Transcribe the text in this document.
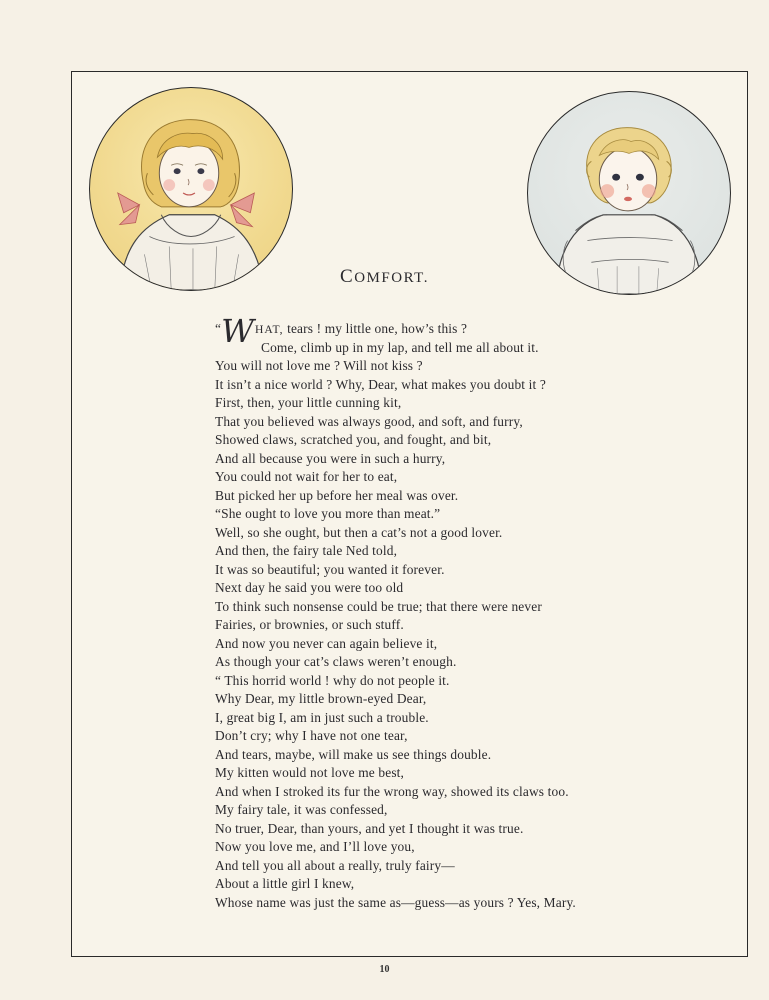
COMFORT.
“WHAT, tears ! my little one, how’s this ?
Come, climb up in my lap, and tell me all about it.
You will not love me ? Will not kiss ?
It isn’t a nice world ? Why, Dear, what makes you doubt it ?
First, then, your little cunning kit,
That you believed was always good, and soft, and furry,
Showed claws, scratched you, and fought, and bit,
And all because you were in such a hurry,
You could not wait for her to eat,
But picked her up before her meal was over.
“She ought to love you more than meat.”
Well, so she ought, but then a cat’s not a good lover.
And then, the fairy tale Ned told,
It was so beautiful; you wanted it forever.
Next day he said you were too old
To think such nonsense could be true; that there were never
Fairies, or brownies, or such stuff.
And now you never can again believe it,
As though your cat’s claws weren’t enough.
“ This horrid world ! why do not people it.
Why Dear, my little brown-eyed Dear,
I, great big I, am in just such a trouble.
Don’t cry; why I have not one tear,
And tears, maybe, will make us see things double.
My kitten would not love me best,
And when I stroked its fur the wrong way, showed its claws too.
My fairy tale, it was confessed,
No truer, Dear, than yours, and yet I thought it was true.
Now you love me, and I’ll love you,
And tell you all about a really, truly fairy—
About a little girl I knew,
Whose name was just the same as—guess—as yours ? Yes, Mary.
10
